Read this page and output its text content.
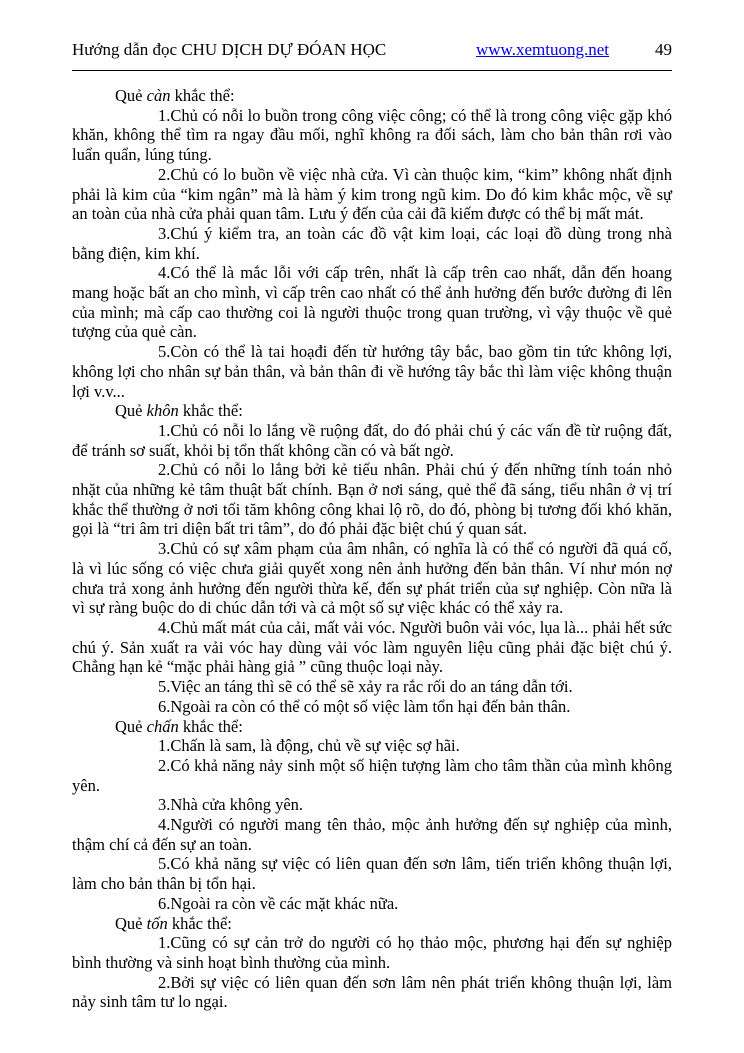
Hướng dẫn đọc CHU DỊCH DỰ ĐÓAN HỌC	www.xemtuong.net	49

Quẻ càn khắc thể:

1.Chủ có nỗi lo buồn trong công việc công; có thể là trong công việc gặp khó khăn, không thể tìm ra ngay đầu mối, nghĩ không ra đối sách, làm cho bản thân rơi vào luẩn quẩn, lúng túng.

2.Chủ có lo buồn về việc nhà cửa. Vì càn thuộc kim, “kim” không nhất định phải là kim của “kim ngân” mà là hàm ý kim trong ngũ kim. Do đó kim khắc mộc, về sự an toàn của nhà cửa phải quan tâm. Lưu ý đến của cải đã kiếm được có thể bị mất mát.

3.Chú ý kiểm tra, an toàn các đồ vật kim loại, các loại đồ dùng trong nhà bằng điện, kim khí.

4.Có thể là mắc lỗi với cấp trên, nhất là cấp trên cao nhất, dẫn đến hoang mang hoặc bất an cho mình, vì cấp trên cao nhất có thể ảnh hưởng đến bước đường đi lên của mình; mà cấp cao thường coi là người thuộc trong quan trường, vì vậy thuộc về quẻ tượng của quẻ càn.

5.Còn có thể là tai hoạđi đến từ hướng tây bắc, bao gồm tin tức không lợi, không lợi cho nhân sự bản thân, và bản thân đi về hướng tây bắc thì làm việc không thuận lợi v.v...

Quẻ khôn khắc thể:

1.Chủ có nỗi lo lắng về ruộng đất, do đó phải chú ý các vấn đề từ ruộng đất, để tránh sơ suất, khỏi bị tổn thất không cần có và bất ngờ.

2.Chủ có nỗi lo lắng bởi kẻ tiểu nhân. Phải chú ý đến những tính toán nhỏ nhặt của những kẻ tâm thuật bất chính. Bạn ở nơi sáng, quẻ thể đã sáng, tiểu nhân ở vị trí khắc thể thường ở nơi tối tăm không công khai lộ rõ, do đó, phòng bị tương đối khó khăn, gọi là “tri âm tri diện bất tri tâm”, do đó phải đặc biệt chú ý quan sát.

3.Chủ có sự xâm phạm của âm nhân, có nghĩa là có thể có người đã quá cố, là vì lúc sống có việc chưa giải quyết xong nên ảnh hưởng đến bản thân. Ví như món nợ chưa trả xong ảnh hưởng đến người thừa kế, đến sự phát triển của sự nghiệp. Còn nữa là vì sự ràng buộc do di chúc dẫn tới và cả một số sự việc khác có thể xảy ra.

4.Chủ mất mát của cải, mất vải vóc. Người buôn vải vóc, lụa là... phải hết sức chú ý. Sản xuất ra vải vóc hay dùng vải vóc làm nguyên liệu cũng phải đặc biệt chú ý. Chẳng hạn kẻ “mặc phải hàng giả ” cũng thuộc loại này.

5.Việc an táng thì sẽ có thể sẽ xảy ra rắc rối do an táng dẫn tới.

6.Ngoài ra còn có thể có một số việc làm tổn hại đến bản thân.

Quẻ chấn khắc thể:

1.Chấn là sam, là động, chủ về sự việc sợ hãi.

2.Có khả năng nảy sinh một số hiện tượng làm cho tâm thần của mình không yên.

3.Nhà cửa không yên.

4.Người có người mang tên thảo, mộc ảnh hưởng đến sự nghiệp của mình, thậm chí cả đến sự an toàn.

5.Có khả năng sự việc có liên quan đến sơn lâm, tiến triển không thuận lợi, làm cho bản thân bị tổn hại.

6.Ngoài ra còn về các mặt khác nữa.

Quẻ tốn khắc thể:

1.Cũng có sự cản trở do người có họ thảo mộc, phương hại đến sự nghiệp bình thường và sinh hoạt bình thường của mình.

2.Bởi sự việc có liên quan đến sơn lâm nên phát triển không thuận lợi, làm nảy sinh tâm tư lo ngại.
